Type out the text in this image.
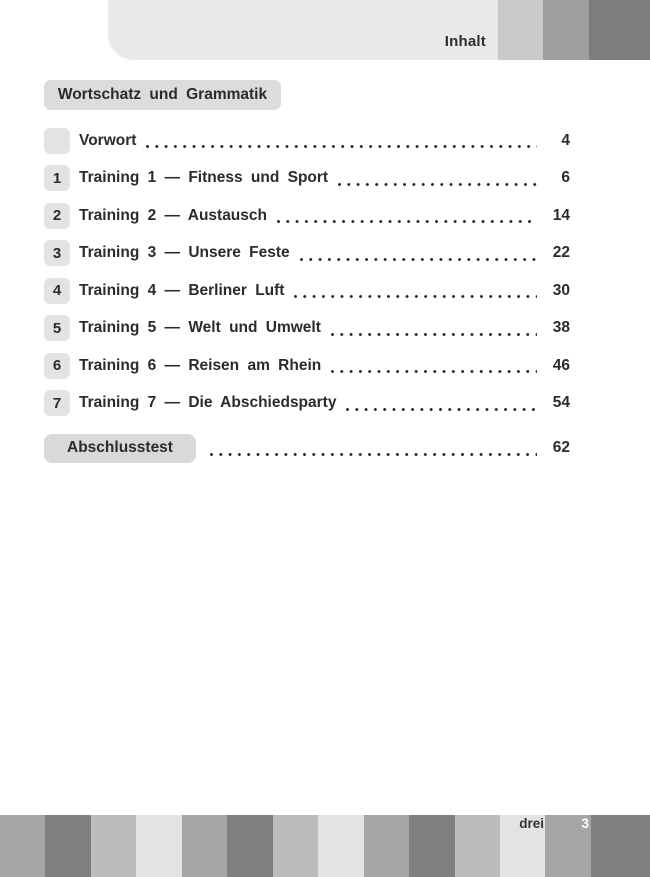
Inhalt
Wortschatz und Grammatik
Vorwort	4
1	Training 1 — Fitness und Sport	6
2	Training 2 — Austausch	14
3	Training 3 — Unsere Feste	22
4	Training 4 — Berliner Luft	30
5	Training 5 — Welt und Umwelt	38
6	Training 6 — Reisen am Rhein	46
7	Training 7 — Die Abschiedsparty	54
Abschlusstest	62
drei	3
